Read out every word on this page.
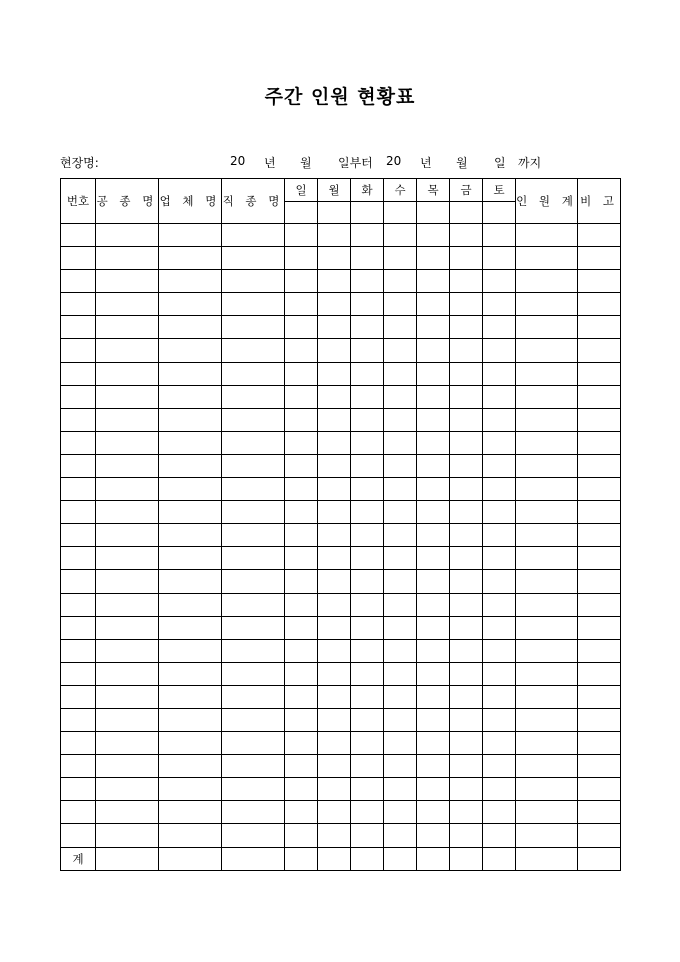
주간 인원 현황표
현장명:	20 년 월 일부터 20 년 월 일 까지
번호	공 종 명	업 체 명	직 종 명	일	월	화	수	목	금	토	인 원 계	비 고

계												
